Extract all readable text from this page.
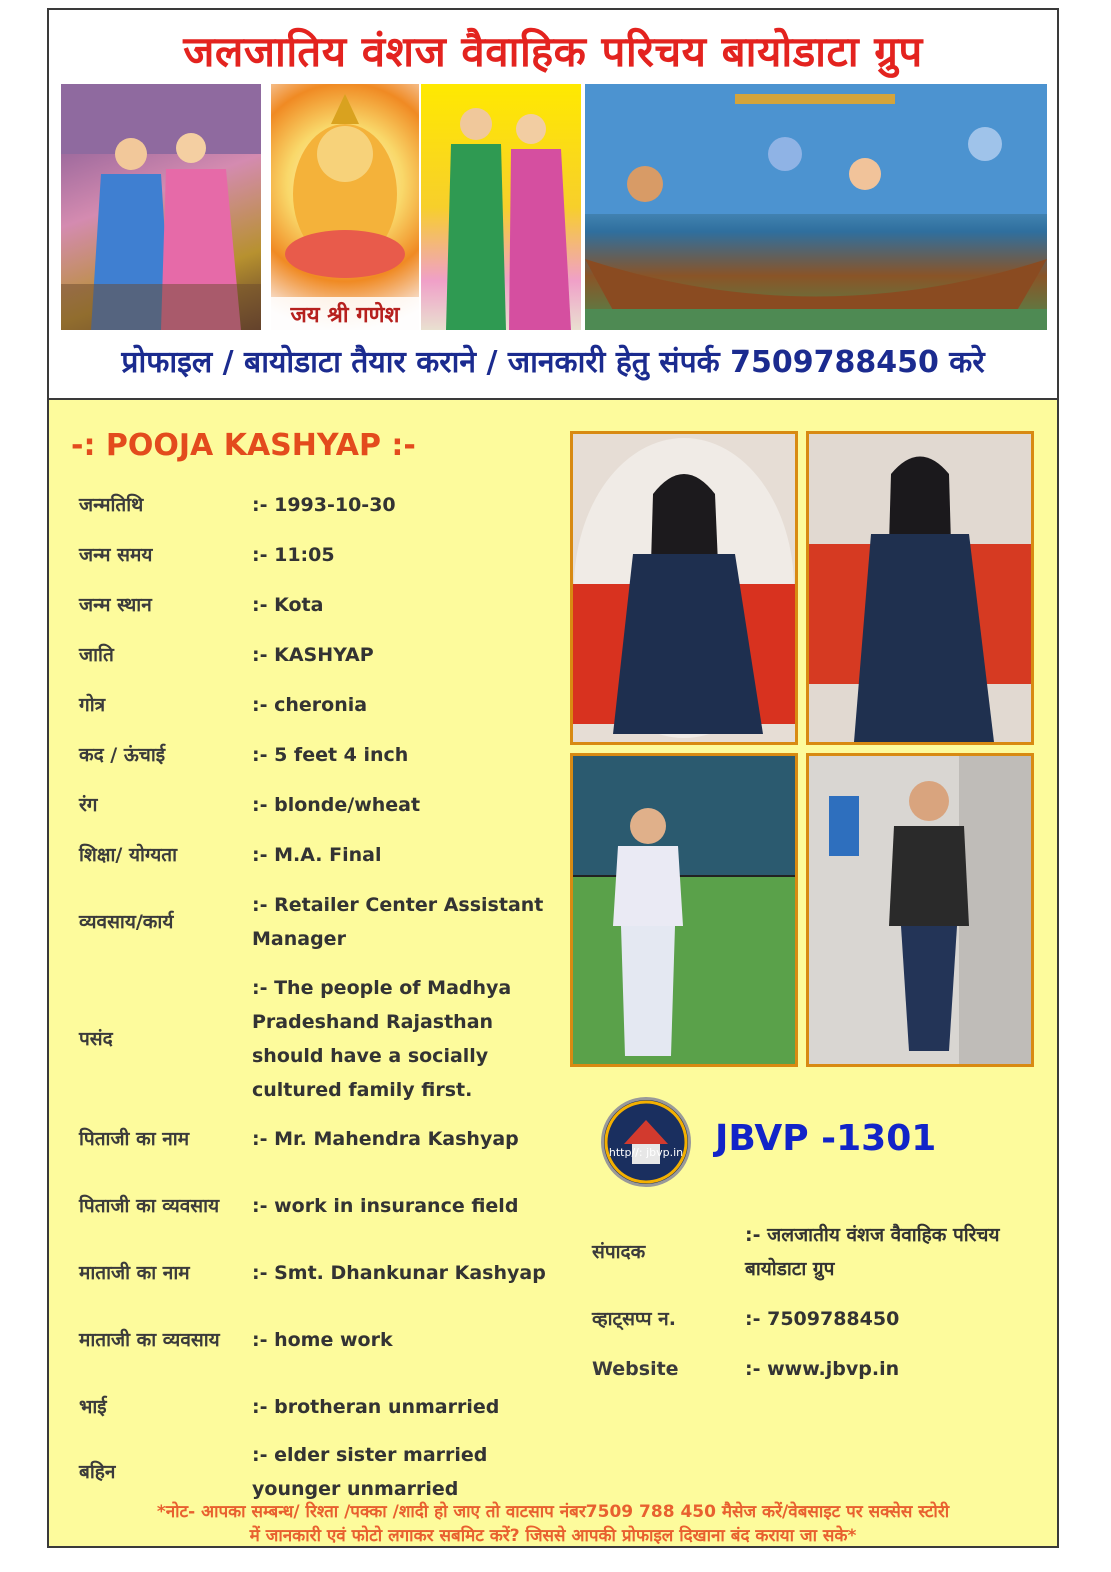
जलजातिय वंशज वैवाहिक परिचय बायोडाटा ग्रुप
जय श्री गणेश
प्रोफाइल / बायोडाटा तैयार कराने / जानकारी हेतु संपर्क 7509788450 करे
-: POOJA KASHYAP :-
जन्मतिथि	:- 1993-10-30
जन्म समय	:- 11:05
जन्म स्थान	:- Kota
जाति	:- KASHYAP
गोत्र	:- cheronia
कद / ऊंचाई	:- 5 feet 4 inch
रंग	:- blonde/wheat
शिक्षा/ योग्यता	:- M.A. Final
व्यवसाय/कार्य
:- Retailer Center Assistant Manager
पसंद
:- The people of Madhya Pradeshand Rajasthan should have a socially cultured family first.
पिताजी का नाम	:- Mr. Mahendra Kashyap
पिताजी का व्यवसाय	:- work in insurance field
माताजी का नाम	:- Smt. Dhankunar Kashyap
माताजी का व्यवसाय	:- home work
भाई	:- brotheran unmarried
बहिन
:- elder sister married younger unmarried
http//: jbvp.in JBVP -1301
संपादक
:- जलजातीय वंशज वैवाहिक परिचय बायोडाटा ग्रुप
व्हाट्सप्प न.	:- 7509788450
Website	:- www.jbvp.in
*नोट- आपका सम्बन्ध/ रिश्ता /पक्का /शादी हो जाए तो वाटसाप नंबर7509 788 450 मैसेज करें/वेबसाइट पर सक्सेस स्टोरी
में जानकारी एवं फोटो लगाकर सबमिट करें? जिससे आपकी प्रोफाइल दिखाना बंद कराया जा सके*
